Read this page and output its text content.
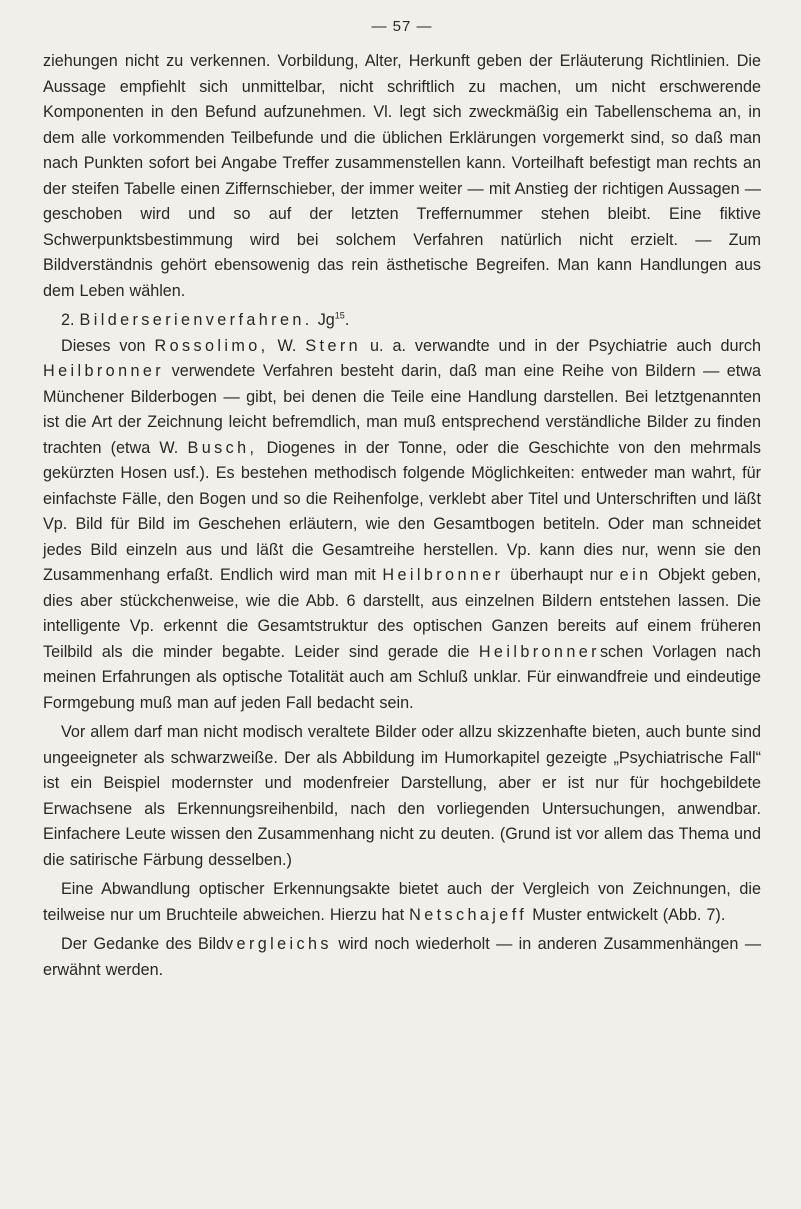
— 57 —

ziehungen nicht zu verkennen. Vorbildung, Alter, Herkunft geben der Erläuterung Richtlinien. Die Aussage empfiehlt sich unmittelbar, nicht schriftlich zu machen, um nicht erschwerende Komponenten in den Befund aufzunehmen. Vl. legt sich zweckmäßig ein Tabellenschema an, in dem alle vorkommenden Teilbefunde und die üblichen Erklärungen vorgemerkt sind, so daß man nach Punkten sofort bei Angabe Treffer zusammenstellen kann. Vorteilhaft befestigt man rechts an der steifen Tabelle einen Ziffernschieber, der immer weiter — mit Anstieg der richtigen Aussagen — geschoben wird und so auf der letzten Treffernummer stehen bleibt. Eine fiktive Schwerpunktsbestimmung wird bei solchem Verfahren natürlich nicht erzielt. — Zum Bildverständnis gehört ebensowenig das rein ästhetische Begreifen. Man kann Handlungen aus dem Leben wählen.

2. Bilderserienverfahren. Jg$^{15}$.

Dieses von Rossolimo, W. Stern u. a. verwandte und in der Psychiatrie auch durch Heilbronner verwendete Verfahren besteht darin, daß man eine Reihe von Bildern — etwa Münchener Bilderbogen — gibt, bei denen die Teile eine Handlung darstellen. Bei letztgenannten ist die Art der Zeichnung leicht befremdlich, man muß entsprechend verständliche Bilder zu finden trachten (etwa W. Busch, Diogenes in der Tonne, oder die Geschichte von den mehrmals gekürzten Hosen usf.). Es bestehen methodisch folgende Möglichkeiten: entweder man wahrt, für einfachste Fälle, den Bogen und so die Reihenfolge, verklebt aber Titel und Unterschriften und läßt Vp. Bild für Bild im Geschehen erläutern, wie den Gesamtbogen betiteln. Oder man schneidet jedes Bild einzeln aus und läßt die Gesamtreihe herstellen. Vp. kann dies nur, wenn sie den Zusammenhang erfaßt. Endlich wird man mit Heilbronner überhaupt nur ein Objekt geben, dies aber stückchenweise, wie die Abb. 6 darstellt, aus einzelnen Bildern entstehen lassen. Die intelligente Vp. erkennt die Gesamtstruktur des optischen Ganzen bereits auf einem früheren Teilbild als die minder begabte. Leider sind gerade die Heilbronnerschen Vorlagen nach meinen Erfahrungen als optische Totalität auch am Schluß unklar. Für einwandfreie und eindeutige Formgebung muß man auf jeden Fall bedacht sein.

Vor allem darf man nicht modisch veraltete Bilder oder allzu skizzenhafte bieten, auch bunte sind ungeeigneter als schwarzweiße. Der als Abbildung im Humorkapitel gezeigte „Psychiatrische Fall“ ist ein Beispiel modernster und modenfreier Darstellung, aber er ist nur für hochgebildete Erwachsene als Erkennungsreihenbild, nach den vorliegenden Untersuchungen, anwendbar. Einfachere Leute wissen den Zusammenhang nicht zu deuten. (Grund ist vor allem das Thema und die satirische Färbung desselben.)

Eine Abwandlung optischer Erkennungsakte bietet auch der Vergleich von Zeichnungen, die teilweise nur um Bruchteile abweichen. Hierzu hat Netschajeff Muster entwickelt (Abb. 7).

Der Gedanke des Bildvergleichs wird noch wiederholt — in anderen Zusammenhängen — erwähnt werden.
